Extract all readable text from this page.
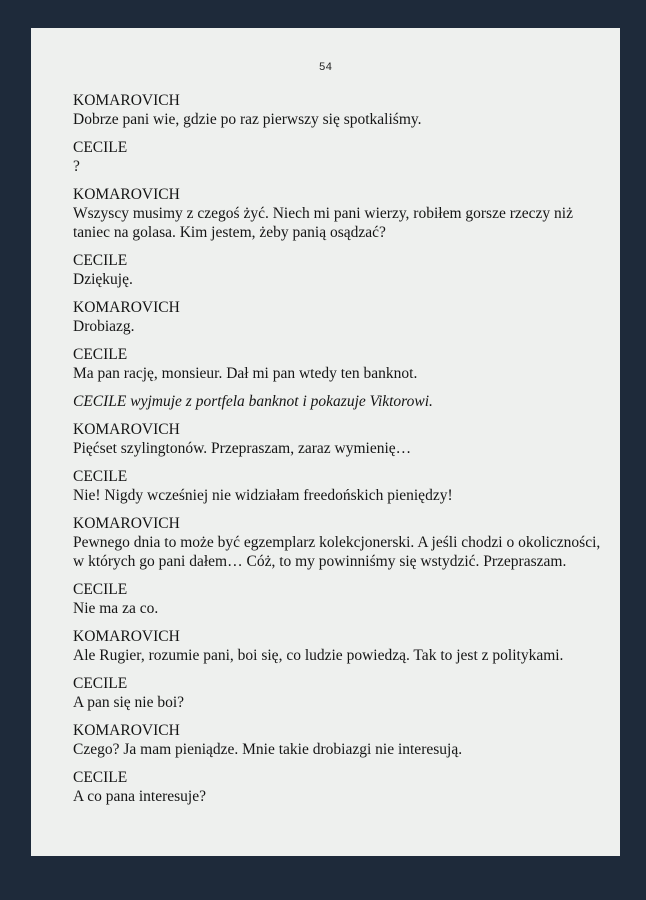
54
KOMAROVICH
Dobrze pani wie, gdzie po raz pierwszy się spotkaliśmy.
CECILE
?
KOMAROVICH
Wszyscy musimy z czegoś żyć. Niech mi pani wierzy, robiłem gorsze rzeczy niż taniec na golasa. Kim jestem, żeby panią osądzać?
CECILE
Dziękuję.
KOMAROVICH
Drobiazg.
CECILE
Ma pan rację, monsieur. Dał mi pan wtedy ten banknot.
CECILE wyjmuje z portfela banknot i pokazuje Viktorowi.
KOMAROVICH
Pięćset szylingtonów. Przepraszam, zaraz wymienię…
CECILE
Nie! Nigdy wcześniej nie widziałam freedońskich pieniędzy!
KOMAROVICH
Pewnego dnia to może być egzemplarz kolekcjonerski. A jeśli chodzi o okoliczności, w których go pani dałem… Cóż, to my powinniśmy się wstydzić. Przepraszam.
CECILE
Nie ma za co.
KOMAROVICH
Ale Rugier, rozumie pani, boi się, co ludzie powiedzą. Tak to jest z politykami.
CECILE
A pan się nie boi?
KOMAROVICH
Czego? Ja mam pieniądze. Mnie takie drobiazgi nie interesują.
CECILE
A co pana interesuje?
